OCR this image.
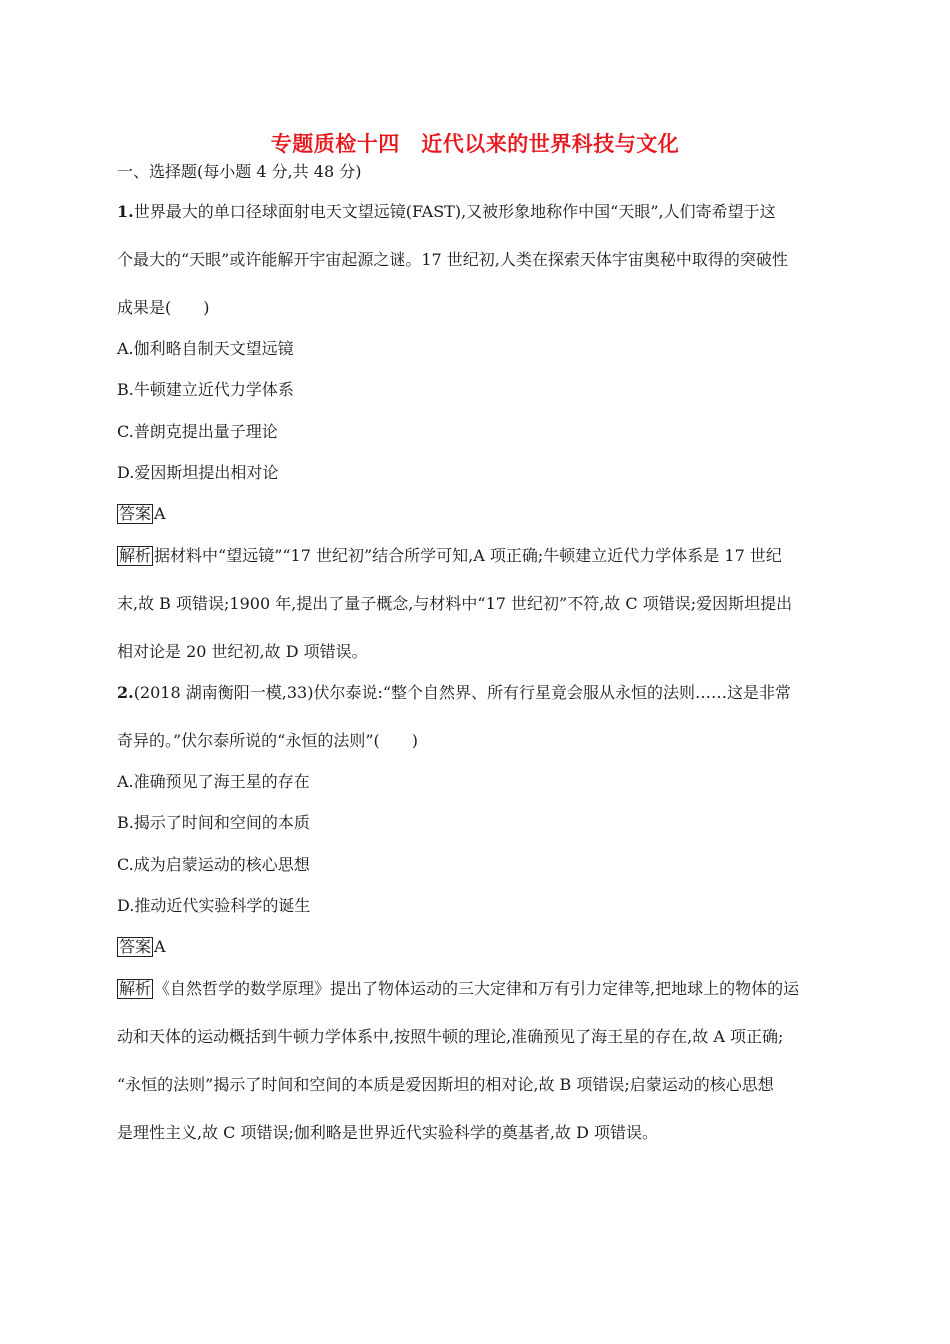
专题质检十四　近代以来的世界科技与文化
一、选择题(每小题 4 分,共 48 分)
1.世界最大的单口径球面射电天文望远镜(FAST),又被形象地称作中国“天眼”,人们寄希望于这
个最大的“天眼”或许能解开宇宙起源之谜。17 世纪初,人类在探索天体宇宙奥秘中取得的突破性
成果是(　　)
A.伽利略自制天文望远镜
B.牛顿建立近代力学体系
C.普朗克提出量子理论
D.爱因斯坦提出相对论
答案 A
解析 据材料中“望远镜”“17 世纪初”结合所学可知,A 项正确;牛顿建立近代力学体系是 17 世纪
末,故 B 项错误;1900 年,提出了量子概念,与材料中“17 世纪初”不符,故 C 项错误;爱因斯坦提出
相对论是 20 世纪初,故 D 项错误。
2.(2018 湖南衡阳一模,33)伏尔泰说:“整个自然界、所有行星竟会服从永恒的法则……这是非常
奇异的。”伏尔泰所说的“永恒的法则”(　　)
A.准确预见了海王星的存在
B.揭示了时间和空间的本质
C.成为启蒙运动的核心思想
D.推动近代实验科学的诞生
答案 A
解析 《自然哲学的数学原理》提出了物体运动的三大定律和万有引力定律等,把地球上的物体的运
动和天体的运动概括到牛顿力学体系中,按照牛顿的理论,准确预见了海王星的存在,故 A 项正确;
“永恒的法则”揭示了时间和空间的本质是爱因斯坦的相对论,故 B 项错误;启蒙运动的核心思想
是理性主义,故 C 项错误;伽利略是世界近代实验科学的奠基者,故 D 项错误。
